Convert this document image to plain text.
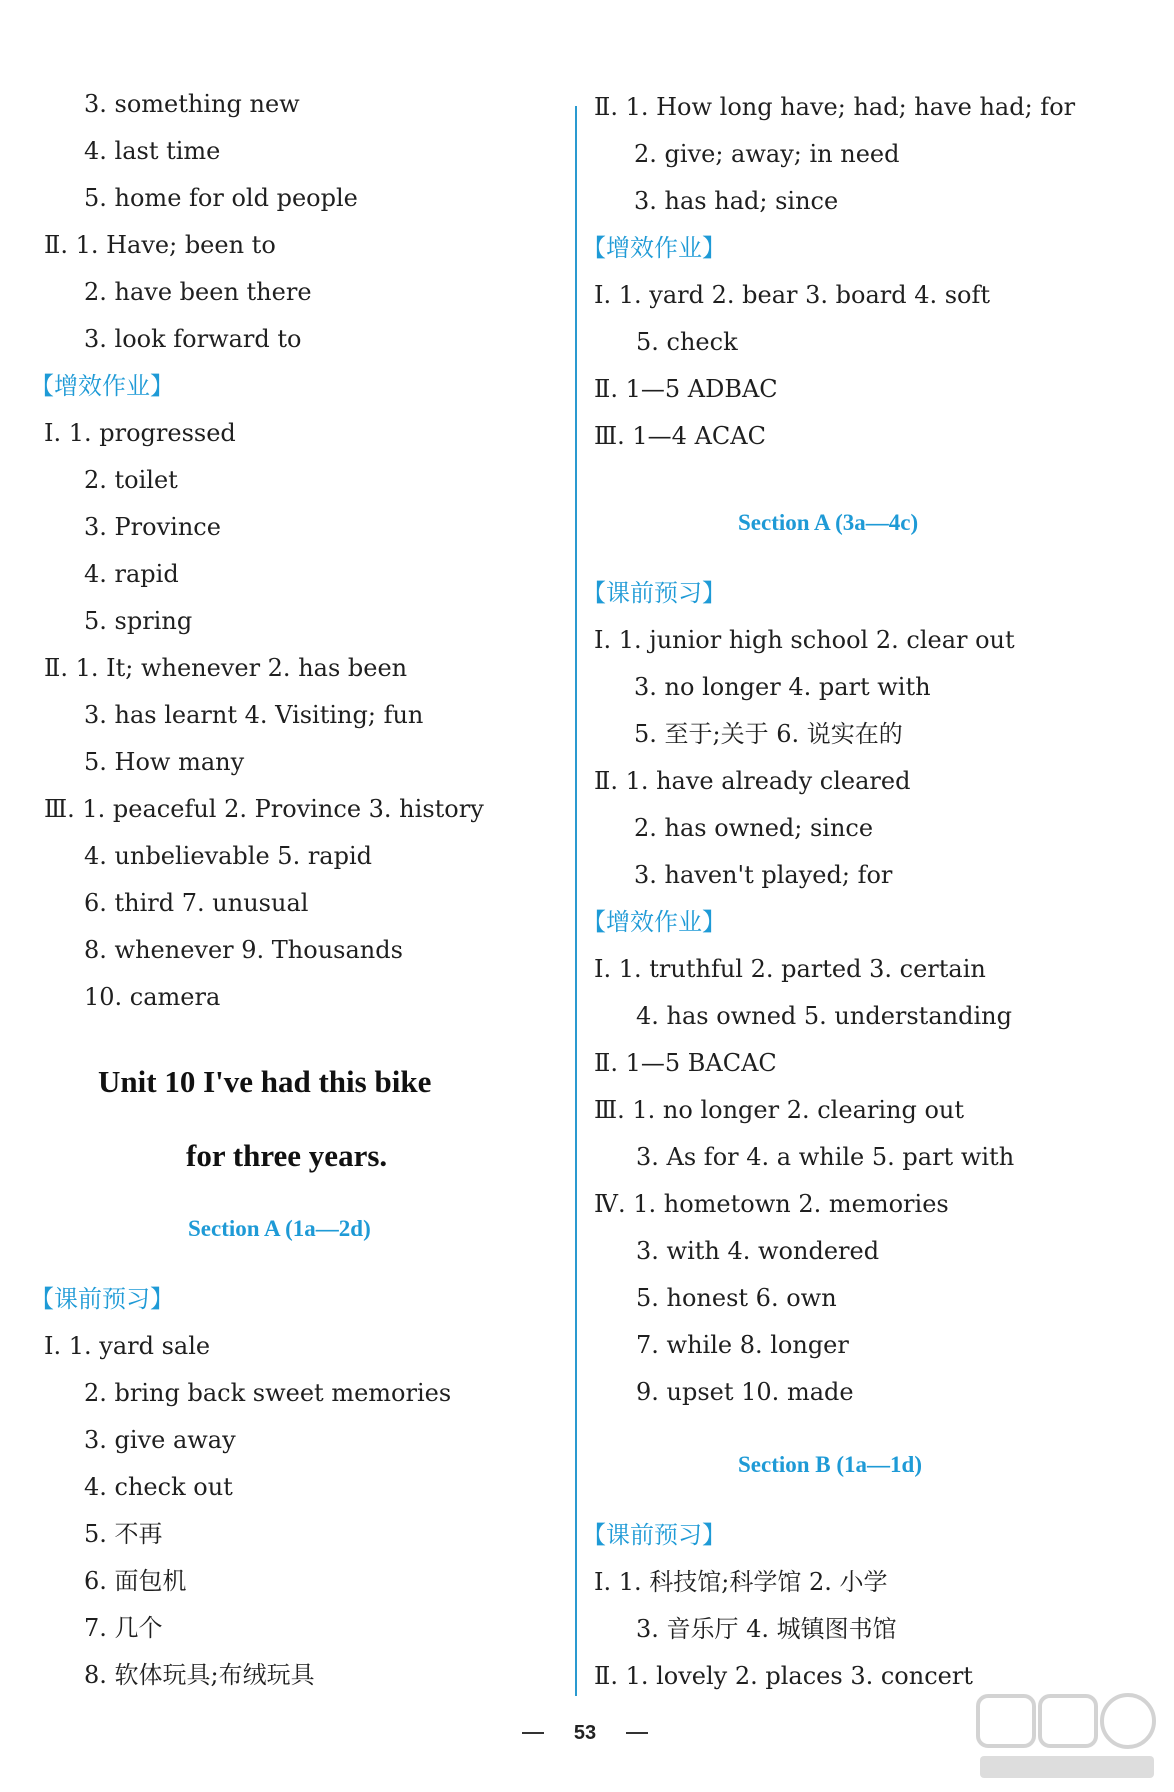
3. something new
4. last time
5. home for old people
Ⅱ. 1. Have; been to
2. have been there
3. look forward to
【增效作业】
Ⅰ. 1. progressed
2. toilet
3. Province
4. rapid
5. spring
Ⅱ. 1. It; whenever 2. has been
3. has learnt 4. Visiting; fun
5. How many
Ⅲ. 1. peaceful 2. Province 3. history
4. unbelievable 5. rapid
6. third 7. unusual
8. whenever 9. Thousands
10. camera
Unit 10 I've had this bike
for three years.
Section A (1a—2d)
【课前预习】
Ⅰ. 1. yard sale
2. bring back sweet memories
3. give away
4. check out
5. 不再
6. 面包机
7. 几个
8. 软体玩具;布绒玩具
Ⅱ. 1. How long have; had; have had; for
2. give; away; in need
3. has had; since
【增效作业】
Ⅰ. 1. yard 2. bear 3. board 4. soft
5. check
Ⅱ. 1—5 ADBAC
Ⅲ. 1—4 ACAC
Section A (3a—4c)
【课前预习】
Ⅰ. 1. junior high school 2. clear out
3. no longer 4. part with
5. 至于;关于 6. 说实在的
Ⅱ. 1. have already cleared
2. has owned; since
3. haven't played; for
【增效作业】
Ⅰ. 1. truthful 2. parted 3. certain
4. has owned 5. understanding
Ⅱ. 1—5 BACAC
Ⅲ. 1. no longer 2. clearing out
3. As for 4. a while 5. part with
Ⅳ. 1. hometown 2. memories
3. with 4. wondered
5. honest 6. own
7. while 8. longer
9. upset 10. made
Section B (1a—1d)
【课前预习】
Ⅰ. 1. 科技馆;科学馆 2. 小学
3. 音乐厅 4. 城镇图书馆
Ⅱ. 1. lovely 2. places 3. concert
53
